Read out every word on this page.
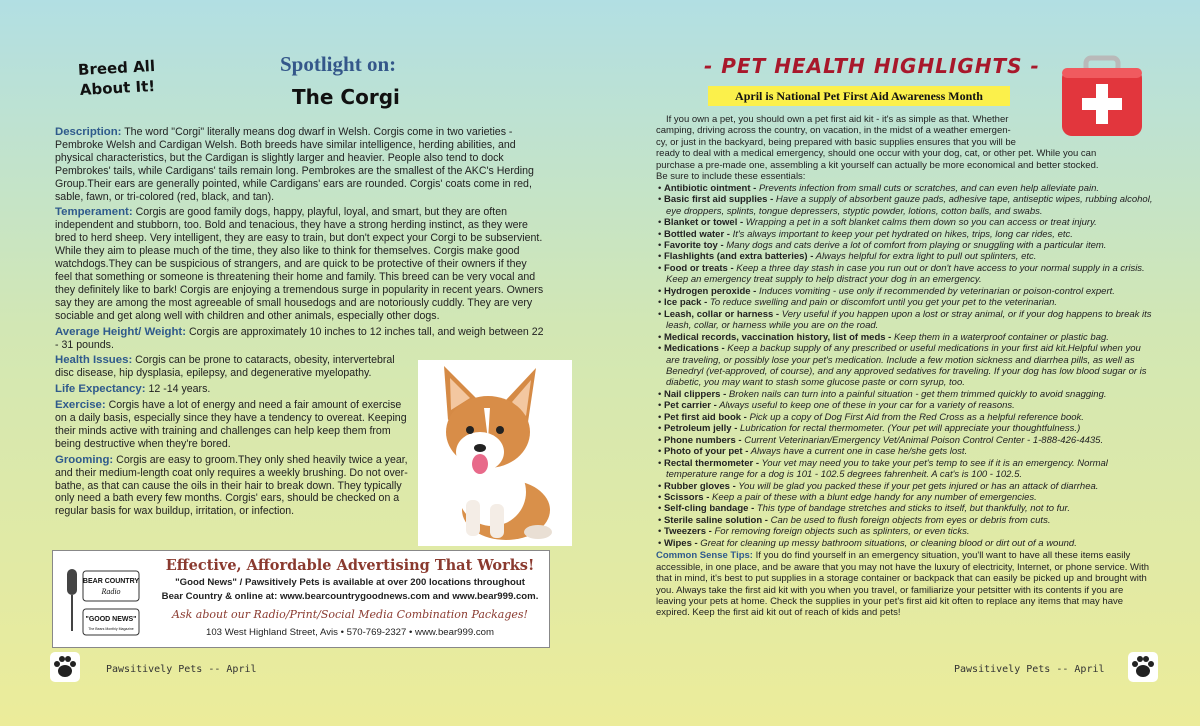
Breed All
About It!
Spotlight on:
The Corgi

Description: The word "Corgi" literally means dog dwarf in Welsh. Corgis come in two varieties - Pembroke Welsh and Cardigan Welsh. Both breeds have similar intelligence, herding abilities, and physical characteristics, but the Cardigan is slightly larger and heavier. People also tend to dock Pembrokes' tails, while Cardigans' tails remain long. Pembrokes are the smallest of the AKC's Herding Group.Their ears are generally pointed, while Cardigans' ears are rounded. Corgis' coats come in red, sable, fawn, or tri-colored (red, black, and tan).

Temperament: Corgis are good family dogs, happy, playful, loyal, and smart, but they are often independent and stubborn, too. Bold and tenacious, they have a strong herding instinct, as they were bred to herd sheep. Very intelligent, they are easy to train, but don't expect your Corgi to be subservient. While they aim to please much of the time, they also like to think for themselves. Corgis make good watchdogs.They can be suspicious of strangers, and are quick to be protective of their owners if they feel that something or someone is threatening their home and family. This breed can be very vocal and they definitely like to bark! Corgis are enjoying a tremendous surge in popularity in recent years. Owners say they are among the most agreeable of small housedogs and are notoriously cuddly. They are very sociable and get along well with children and other animals, especially other dogs.

Average Height/ Weight: Corgis are approximately 10 inches to 12 inches tall, and weigh between 22 - 31 pounds.

Health Issues: Corgis can be prone to cataracts, obesity, intervertebral disc disease, hip dysplasia, epilepsy, and degenerative myelopathy.

Life Expectancy: 12 -14 years.

Exercise: Corgis have a lot of energy and need a fair amount of exercise on a daily basis, especially since they have a tendency to overeat. Keeping their minds active with training and challenges can help keep them from being destructive when they're bored.

Grooming: Corgis are easy to groom.They only shed heavily twice a year, and their medium-length coat only requires a weekly brushing. Do not over-bathe, as that can cause the oils in their hair to break down. They typically only need a bath every few months. Corgis' ears, should be checked on a regular basis for wax buildup, irritation, or infection.

BEAR COUNTRY
Radio
"GOOD NEWS"
The Bears Monthly Magazine
Effective, Affordable Advertising That Works!
"Good News" / Pawsitively Pets is available at over 200 locations throughout
Bear Country & online at: www.bearcountrygoodnews.com and www.bear999.com.
Ask about our Radio/Print/Social Media Combination Packages!
103 West Highland Street, Avis • 570-769-2327 • www.bear999.com
Pawsitively Pets -- April
- PET HEALTH HIGHLIGHTS -
April is National Pet First Aid Awareness Month
If you own a pet, you should own a pet first aid kit - it's as simple as that. Whether
camping, driving across the country, on vacation, in the midst of a weather emergen-
cy, or just in the backyard, being prepared with basic supplies ensures that you will be
ready to deal with a medical emergency, should one occur with your dog, cat, or other pet. While you can
purchase a pre-made one, assembling a kit yourself can actually be more economical and better stocked.
Be sure to include these essentials:
• Antibiotic ointment - Prevents infection from small cuts or scratches, and can even help alleviate pain.
• Basic first aid supplies - Have a supply of absorbent gauze pads, adhesive tape, antiseptic wipes, rubbing alcohol, eye droppers, splints, tongue depressers, styptic powder, lotions, cotton balls, and swabs.
• Blanket or towel - Wrapping a pet in a soft blanket calms them down so you can access or treat injury.
• Bottled water - It's always important to keep your pet hydrated on hikes, trips, long car rides, etc.
• Favorite toy - Many dogs and cats derive a lot of comfort from playing or snuggling with a particular item.
• Flashlights (and extra batteries) - Always helpful for extra light to pull out splinters, etc.
• Food or treats - Keep a three day stash in case you run out or don't have access to your normal supply in a crisis. Keep an emergency treat supply to help distract your dog in an emergency.
• Hydrogen peroxide - Induces vomiting - use only if recommended by veterinarian or poison-control expert.
• Ice pack - To reduce swelling and pain or discomfort until you get your pet to the veterinarian.
• Leash, collar or harness - Very useful if you happen upon a lost or stray animal, or if your dog happens to break its leash, collar, or harness while you are on the road.
• Medical records, vaccination history, list of meds - Keep them in a waterproof container or plastic bag.
• Medications - Keep a backup supply of any prescribed or useful medications in your first aid kit.Helpful when you are traveling, or possibly lose your pet's medication. Include a few motion sickness and diarrhea pills, as well as Benedryl (vet-approved, of course), and any approved sedatives for traveling. If your dog has low blood sugar or is diabetic, you may want to stash some glucose paste or corn syrup, too.
• Nail clippers - Broken nails can turn into a painful situation - get them trimmed quickly to avoid snagging.
• Pet carrier - Always useful to keep one of these in your car for a variety of reasons.
• Pet first aid book - Pick up a copy of Dog First Aid from the Red Cross as a helpful reference book.
• Petroleum jelly - Lubrication for rectal thermometer. (Your pet will appreciate your thoughtfulness.)
• Phone numbers - Current Veterinarian/Emergency Vet/Animal Poison Control Center - 1-888-426-4435.
• Photo of your pet - Always have a current one in case he/she gets lost.
• Rectal thermometer - Your vet may need you to take your pet's temp to see if it is an emergency. Normal temperature range for a dog is 101 - 102.5 degrees fahrenheit. A cat's is 100 - 102.5.
• Rubber gloves - You will be glad you packed these if your pet gets injured or has an attack of diarrhea.
• Scissors - Keep a pair of these with a blunt edge handy for any number of emergencies.
• Self-cling bandage - This type of bandage stretches and sticks to itself, but thankfully, not to fur.
• Sterile saline solution - Can be used to flush foreign objects from eyes or debris from cuts.
• Tweezers - For removing foreign objects such as splinters, or even ticks.
• Wipes - Great for cleaning up messy bathroom situations, or cleaning blood or dirt out of a wound.

Common Sense Tips: If you do find yourself in an emergency situation, you'll want to have all these items easily accessible, in one place, and be aware that you may not have the luxury of electricity, Internet, or phone service. With that in mind, it's best to put supplies in a storage container or backpack that can easily be picked up and brought with you. Always take the first aid kit with you when you travel, or familiarize your petsitter with its contents if you are leaving your pets at home. Check the supplies in your pet's first aid kit often to replace any items that may have expired. Keep the first aid kit out of reach of kids and pets!

Pawsitively Pets -- April
